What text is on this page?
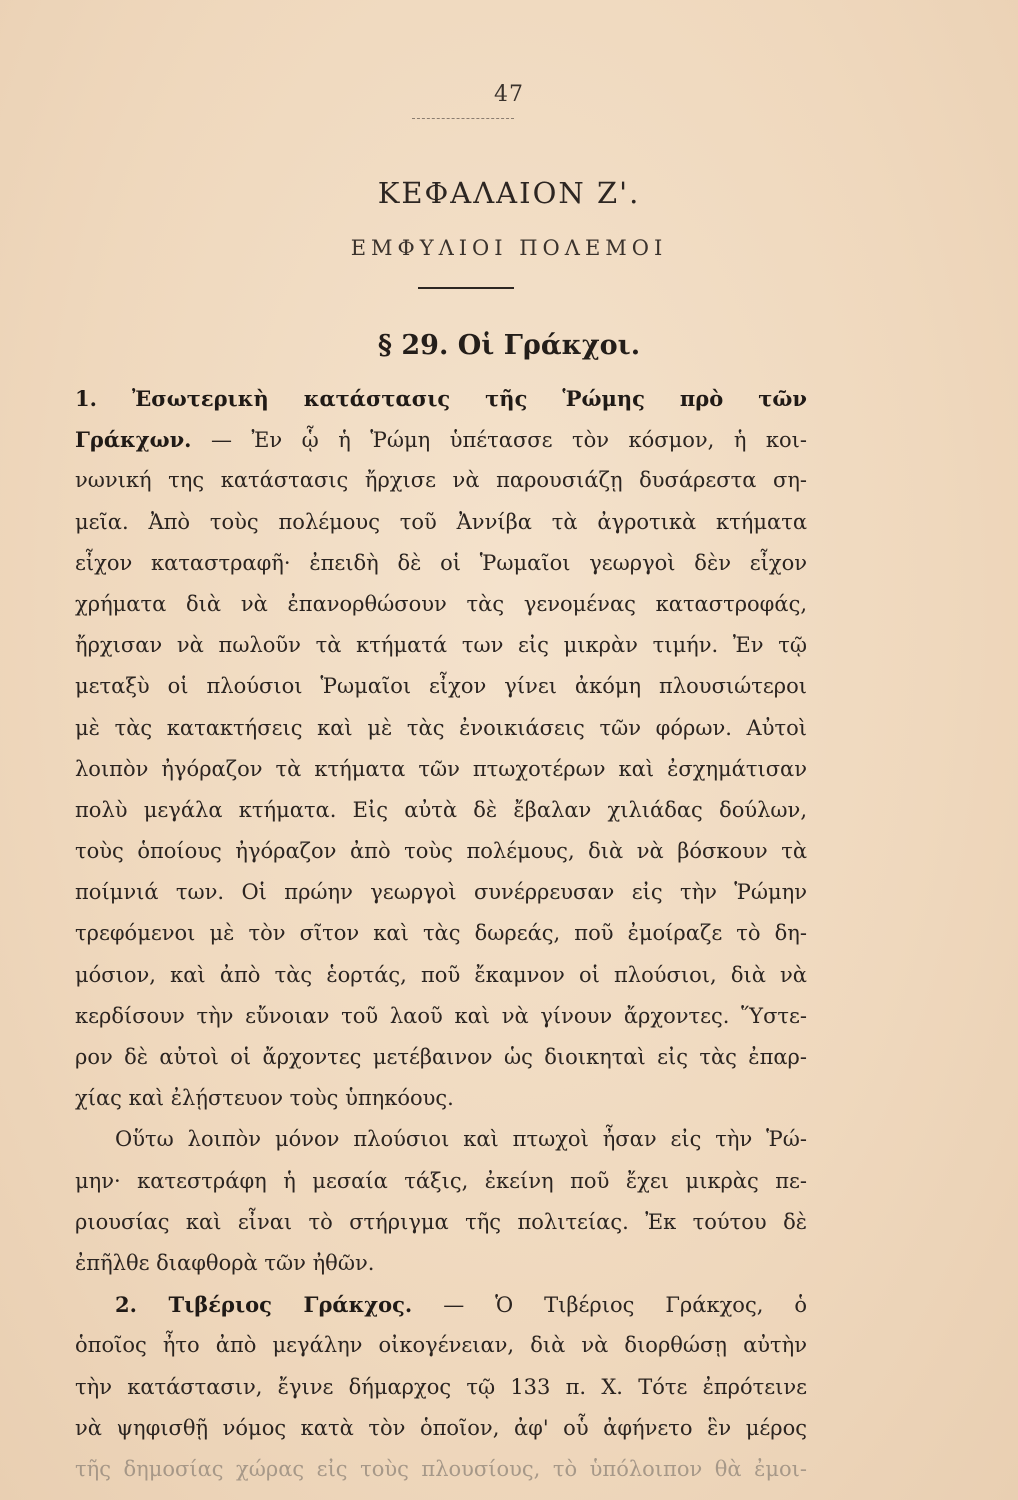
47
ΚΕΦΑΛΑΙΟΝ Ζ'.
ΕΜΦΥΛΙΟΙ ΠΟΛΕΜΟΙ
§ 29. Οἱ Γράκχοι.
1. Ἐσωτερικὴ κατάστασις τῆς Ῥώμης πρὸ τῶν
Γράκχων. — Ἐν ᾧ ἡ Ῥώμη ὑπέτασσε τὸν κόσμον, ἡ κοι-
νωνική της κατάστασις ἤρχισε νὰ παρουσιάζῃ δυσάρεστα ση-
μεῖα. Ἀπὸ τοὺς πολέμους τοῦ Ἀννίβα τὰ ἀγροτικὰ κτήματα
εἶχον καταστραφῆ· ἐπειδὴ δὲ οἱ Ῥωμαῖοι γεωργοὶ δὲν εἶχον
χρήματα διὰ νὰ ἐπανορθώσουν τὰς γενομένας καταστροφάς,
ἤρχισαν νὰ πωλοῦν τὰ κτήματά των εἰς μικρὰν τιμήν. Ἐν τῷ
μεταξὺ οἱ πλούσιοι Ῥωμαῖοι εἶχον γίνει ἀκόμη πλουσιώτεροι
μὲ τὰς κατακτήσεις καὶ μὲ τὰς ἐνοικιάσεις τῶν φόρων. Αὐτοὶ
λοιπὸν ἠγόραζον τὰ κτήματα τῶν πτωχοτέρων καὶ ἐσχημάτισαν
πολὺ μεγάλα κτήματα. Εἰς αὐτὰ δὲ ἔβαλαν χιλιάδας δούλων,
τοὺς ὁποίους ἠγόραζον ἀπὸ τοὺς πολέμους, διὰ νὰ βόσκουν τὰ
ποίμνιά των. Οἱ πρώην γεωργοὶ συνέρρευσαν εἰς τὴν Ῥώμην
τρεφόμενοι μὲ τὸν σῖτον καὶ τὰς δωρεάς, ποῦ ἐμοίραζε τὸ δη-
μόσιον, καὶ ἀπὸ τὰς ἑορτάς, ποῦ ἔκαμνον οἱ πλούσιοι, διὰ νὰ
κερδίσουν τὴν εὔνοιαν τοῦ λαοῦ καὶ νὰ γίνουν ἄρχοντες. Ὕστε-
ρον δὲ αὐτοὶ οἱ ἄρχοντες μετέβαινον ὡς διοικηταὶ εἰς τὰς ἐπαρ-
χίας καὶ ἐλῄστευον τοὺς ὑπηκόους.
Οὕτω λοιπὸν μόνον πλούσιοι καὶ πτωχοὶ ἦσαν εἰς τὴν Ῥώ-
μην· κατεστράφη ἡ μεσαία τάξις, ἐκείνη ποῦ ἔχει μικρὰς πε-
ριουσίας καὶ εἶναι τὸ στήριγμα τῆς πολιτείας. Ἐκ τούτου δὲ
ἐπῆλθε διαφθορὰ τῶν ἠθῶν.
2. Τιβέριος Γράκχος. — Ὁ Τιβέριος Γράκχος, ὁ
ὁποῖος ἦτο ἀπὸ μεγάλην οἰκογένειαν, διὰ νὰ διορθώσῃ αὐτὴν
τὴν κατάστασιν, ἔγινε δήμαρχος τῷ 133 π. Χ. Τότε ἐπρότεινε
νὰ ψηφισθῇ νόμος κατὰ τὸν ὁποῖον, ἀφ' οὗ ἀφήνετο ἓν μέρος
τῆς δημοσίας χώρας εἰς τοὺς πλουσίους, τὸ ὑπόλοιπον θὰ ἐμοι-
